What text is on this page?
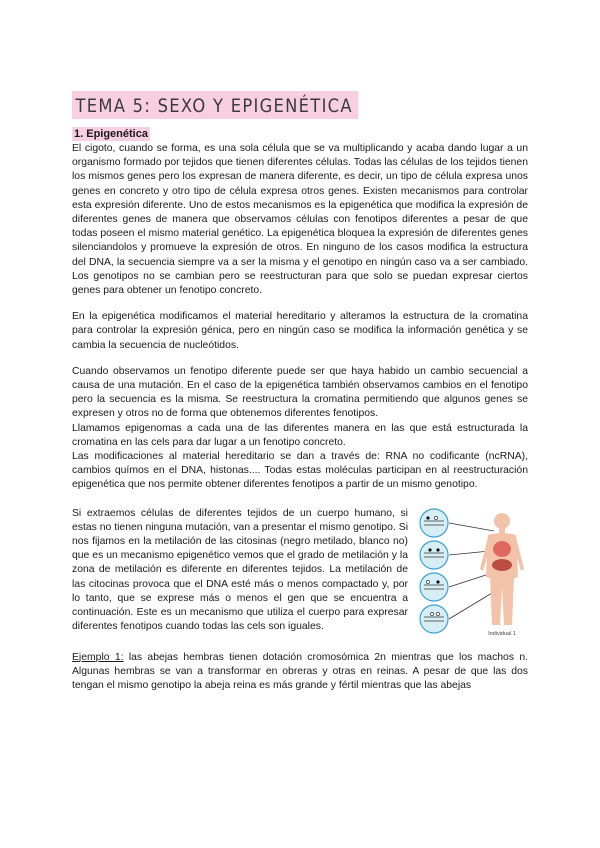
TEMA 5: SEXO Y EPIGENÉTICA
1. Epigenética

El cigoto, cuando se forma, es una sola célula que se va multiplicando y acaba dando lugar a un organismo formado por tejidos que tienen diferentes células. Todas las células de los tejidos tienen los mismos genes pero los expresan de manera diferente, es decir, un tipo de célula expresa unos genes en concreto y otro tipo de célula expresa otros genes. Existen mecanismos para controlar esta expresión diferente. Uno de estos mecanismos es la epigenética que modifica la expresión de diferentes genes de manera que observamos células con fenotipos diferentes a pesar de que todas poseen el mismo material genético. La epigenética bloquea la expresión de diferentes genes silenciandolos y promueve la expresión de otros. En ninguno de los casos modifica la estructura del DNA, la secuencia siempre va a ser la misma y el genotipo en ningún caso va a ser cambiado. Los genotipos no se cambian pero se reestructuran para que solo se puedan expresar ciertos genes para obtener un fenotipo concreto.

En la epigenética modificamos el material hereditario y alteramos la estructura de la cromatina para controlar la expresión génica, pero en ningún caso se modifica la información genética y se cambia la secuencia de nucleótidos.

Cuando observamos un fenotipo diferente puede ser que haya habido un cambio secuencial a causa de una mutación. En el caso de la epigenética también observamos cambios en el fenotipo pero la secuencia es la misma. Se reestructura la cromatina permitiendo que algunos genes se expresen y otros no de forma que obtenemos diferentes fenotipos.

Llamamos epigenomas a cada una de las diferentes manera en las que está estructurada la cromatina en las cels para dar lugar a un fenotipo concreto.

Las modificaciones al material hereditario se dan a través de: RNA no codificante (ncRNA), cambios químos en el DNA, histonas.... Todas estas moléculas participan en al reestructuración epigenética que nos permite obtener diferentes fenotipos a partir de un mismo genotipo.

Si extraemos células de diferentes tejidos de un cuerpo humano, si estas no tienen ninguna mutación, van a presentar el mismo genotipo. Si nos fijamos en la metilación de las citosinas (negro metilado, blanco no) que es un mecanismo epigenético vemos que el grado de metilación y la zona de metilación es diferente en diferentes tejidos. La metilación de las citocinas provoca que el DNA esté más o menos compactado y, por lo tanto, que se exprese más o menos el gen que se encuentra a continuación. Este es un mecanismo que utiliza el cuerpo para expresar diferentes fenotipos cuando todas las cels son iguales.

Individual 1

Ejemplo 1: las abejas hembras tienen dotación cromosómica 2n mientras que los machos n. Algunas hembras se van a transformar en obreras y otras en reinas. A pesar de que las dos tengan el mismo genotipo la abeja reina es más grande y fértil mientras que las abejas
